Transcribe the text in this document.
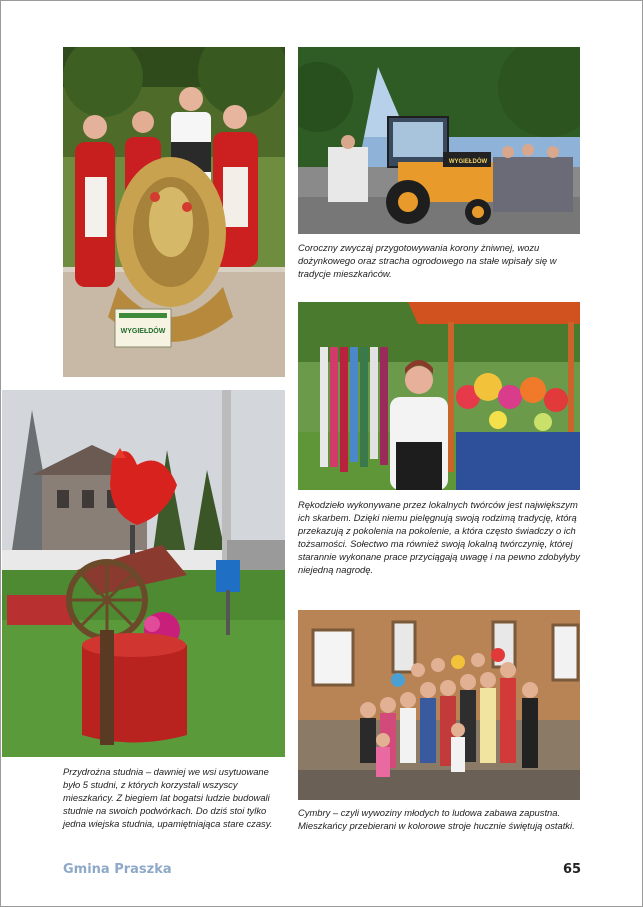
WYGIEŁDÓW
WYGIEŁDÓW

Coroczny zwyczaj przygotowywania korony żniwnej, wozu dożynkowego oraz stracha ogrodowego na stałe wpisały się w tradycje mieszkańców.

Rękodzieło wykonywane przez lokalnych twórców jest największym ich skarbem. Dzięki niemu pielęgnują swoją rodzimą tradycję, którą przekazują z pokolenia na pokolenie, a która często świadczy o ich tożsamości. Sołectwo ma również swoją lokalną twórczynię, której starannie wykonane prace przyciągają uwagę i na pewno zdobyłyby niejedną nagrodę.

Przydrożna studnia – dawniej we wsi usytuowane było 5 studni, z których korzystali wszyscy mieszkańcy. Z biegiem lat bogatsi ludzie budowali studnie na swoich podwórkach. Do dziś stoi tylko jedna wiejska studnia, upamiętniająca stare czasy.

Cymbry – czyli wywoziny młodych to ludowa zabawa zapustna. Mieszkańcy przebierani w kolorowe stroje hucznie świętują ostatki.

Gmina Praszka	65
